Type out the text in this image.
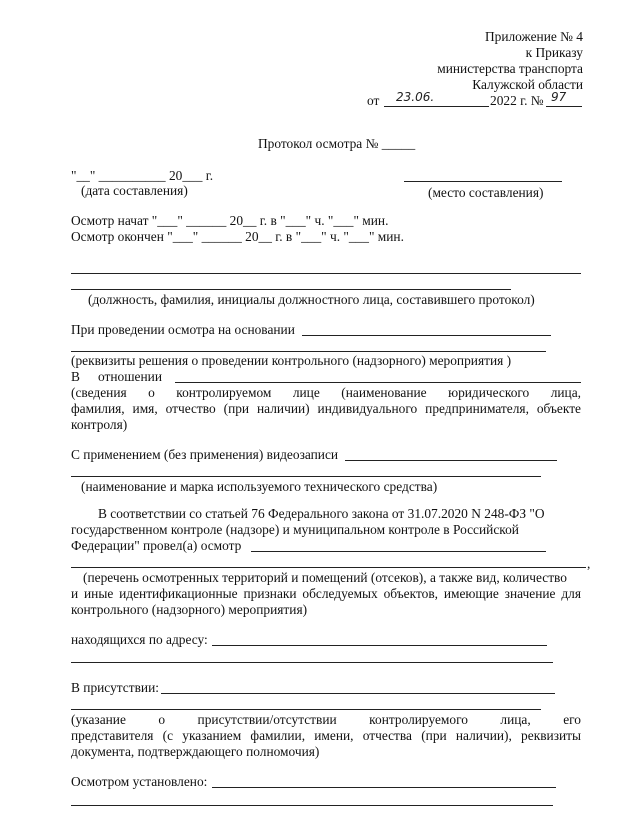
Приложение № 4
к Приказу
министерства транспорта
Калужской области
от 23.06.	2022 г. № 97
Протокол осмотра № _____
"__" __________ 20___ г.
(дата составления)	(место составления)
Осмотр начат "___" ______ 20__ г. в "___" ч. "___" мин.
Осмотр окончен "___" ______ 20__ г. в "___" ч. "___" мин.
(должность, фамилия, инициалы должностного лица, составившего протокол)
При проведении осмотра на основании
(реквизиты решения о проведении контрольного (надзорного) мероприятия )
В отношении
(сведения о контролируемом лице (наименование юридического лица,
фамилия, имя, отчество (при наличии) индивидуального предпринимателя, объекте
контроля)
С применением (без применения) видеозаписи
(наименование и марка используемого технического средства)
В соответствии со статьей 76 Федерального закона от 31.07.2020 N 248-ФЗ "О
государственном контроле (надзоре) и муниципальном контроле в Российской
Федерации" провел(а) осмотр
,
(перечень осмотренных территорий и помещений (отсеков), а также вид, количество
и иные идентификационные признаки обследуемых объектов, имеющие значение для
контрольного (надзорного) мероприятия)
находящихся по адресу:
В присутствии:
(указание о присутствии/отсутствии контролируемого лица, его
представителя (с указанием фамилии, имени, отчества (при наличии), реквизиты
документа, подтверждающего полномочия)
Осмотром установлено:
